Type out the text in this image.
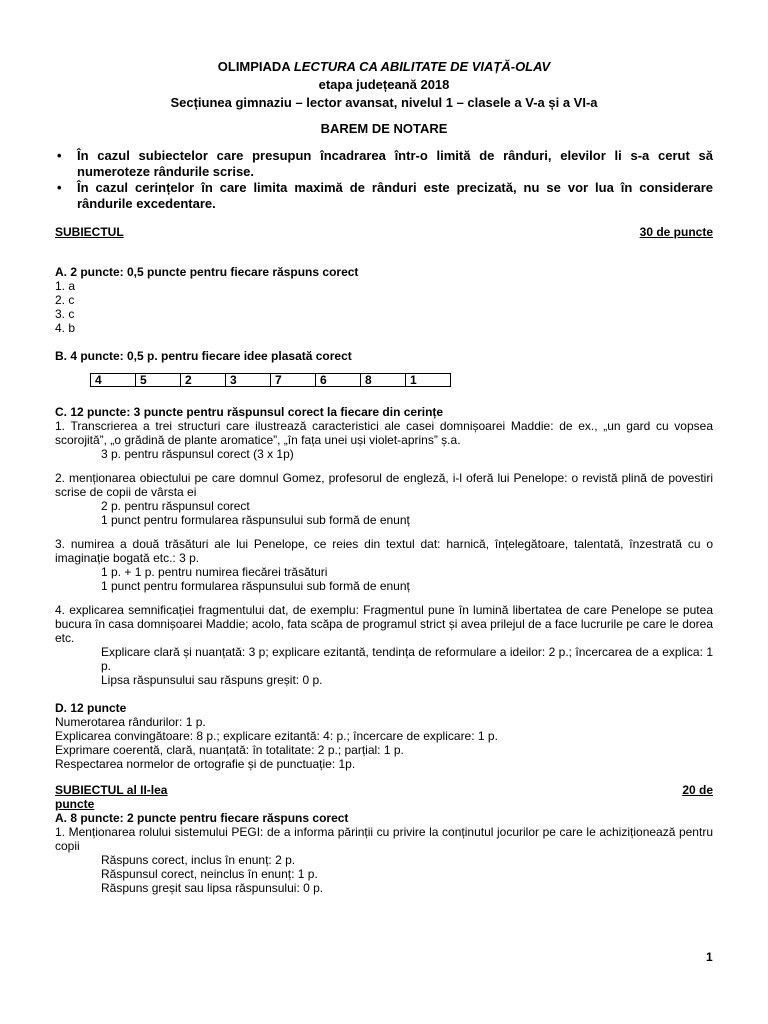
OLIMPIADA LECTURA CA ABILITATE DE VIAȚĂ-OLAV
etapa județeană 2018
Secțiunea gimnaziu – lector avansat, nivelul 1 – clasele a V-a și a VI-a
BAREM DE NOTARE
• În cazul subiectelor care presupun încadrarea într-o limită de rânduri, elevilor li s-a cerut să numeroteze rândurile scrise.
• În cazul cerințelor în care limita maximă de rânduri este precizată, nu se vor lua în considerare rândurile excedentare.
SUBIECTUL	30 de puncte
A. 2 puncte: 0,5 puncte pentru fiecare răspuns corect
1. a
2. c
3. c
4. b
B. 4 puncte: 0,5 p. pentru fiecare idee plasată corect
4	5	2	3	7	6	8	1
C. 12 puncte: 3 puncte pentru răspunsul corect la fiecare din cerințe
1. Transcrierea a trei structuri care ilustrează caracteristici ale casei domnișoarei Maddie: de ex., „un gard cu vopsea scorojită”, „o grădină de plante aromatice”, „în fața unei uși violet-aprins” ș.a.
3 p. pentru răspunsul corect (3 x 1p)
2. menționarea obiectului pe care domnul Gomez, profesorul de engleză, i-l oferă lui Penelope: o revistă plină de povestiri scrise de copii de vârsta ei
2 p. pentru răspunsul corect
1 punct pentru formularea răspunsului sub formă de enunț
3. numirea a două trăsături ale lui Penelope, ce reies din textul dat: harnică, înțelegătoare, talentată, înzestrată cu o imaginație bogată etc.: 3 p.
1 p. + 1 p. pentru numirea fiecărei trăsături
1 punct pentru formularea răspunsului sub formă de enunț
4. explicarea semnificației fragmentului dat, de exemplu: Fragmentul pune în lumină libertatea de care Penelope se putea bucura în casa domnișoarei Maddie; acolo, fata scăpa de programul strict și avea prilejul de a face lucrurile pe care le dorea etc.
Explicare clară și nuanțată: 3 p; explicare ezitantă, tendința de reformulare a ideilor: 2 p.; încercarea de a explica: 1 p.
Lipsa răspunsului sau răspuns greșit: 0 p.
D. 12 puncte
Numerotarea rândurilor: 1 p.
Explicarea convingătoare: 8 p.; explicare ezitantă: 4: p.; încercare de explicare: 1 p.
Exprimare coerentă, clară, nuanțată: în totalitate: 2 p.; parțial: 1 p.
Respectarea normelor de ortografie și de punctuație: 1p.
SUBIECTUL al II-lea	20 de
puncte
A. 8 puncte: 2 puncte pentru fiecare răspuns corect
1. Menționarea rolului sistemului PEGI: de a informa părinții cu privire la conținutul jocurilor pe care le achiziționează pentru copii
Răspuns corect, inclus în enunț: 2 p.
Răspunsul corect, neinclus în enunț: 1 p.
Răspuns greșit sau lipsa răspunsului: 0 p.
1
